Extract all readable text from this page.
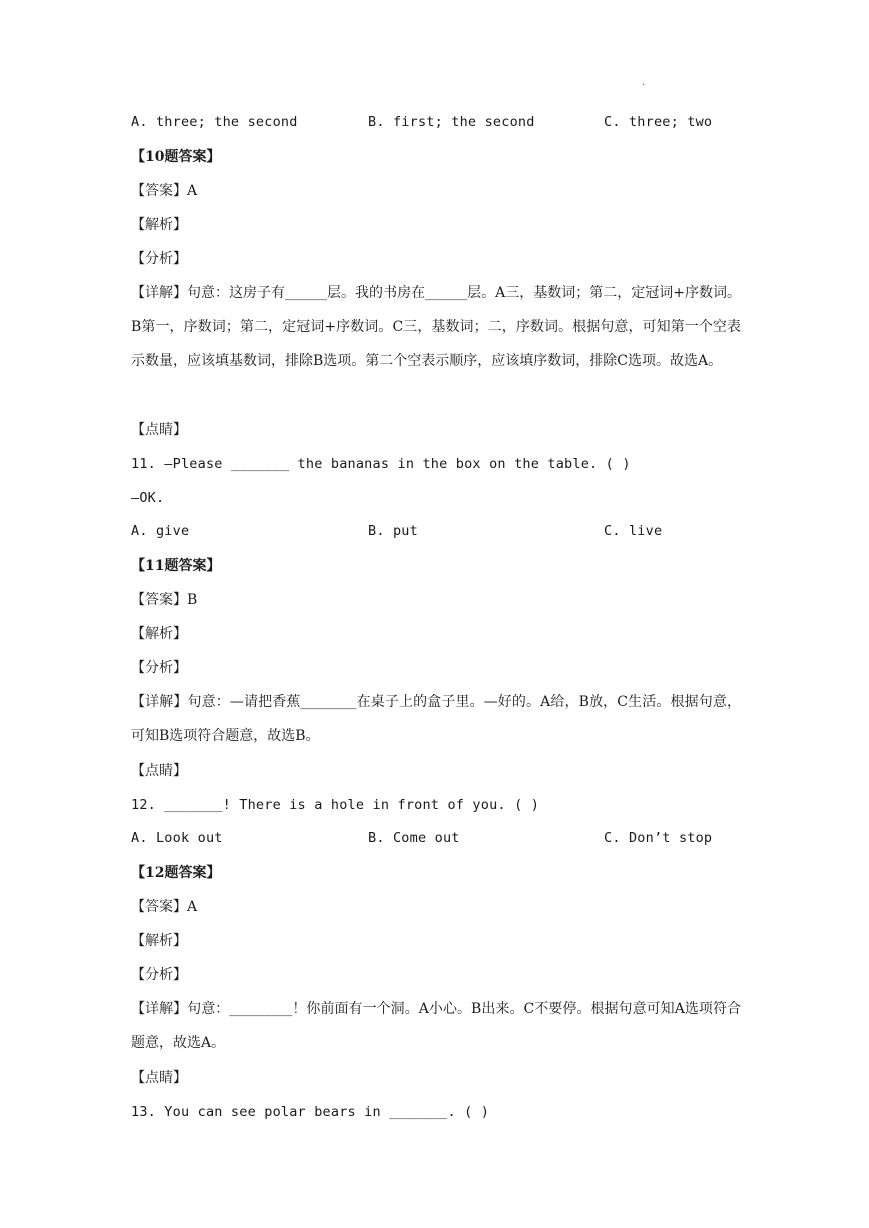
·
A. three; the second	B. first; the second	C. three; two
【10题答案】
【答案】A
【解析】
【分析】
【详解】句意：这房子有______层。我的书房在______层。A三，基数词；第二，定冠词+序数词。B第一，序数词；第二，定冠词+序数词。C三，基数词；二，序数词。根据句意，可知第一个空表示数量，应该填基数词，排除B选项。第二个空表示顺序，应该填序数词，排除C选项。故选A。
【点睛】
11. —Please _______ the bananas in the box on the table. ( )
—OK.
A. give	B. put	C. live
【11题答案】
【答案】B
【解析】
【分析】
【详解】句意：—请把香蕉________在桌子上的盒子里。—好的。A给，B放，C生活。根据句意，可知B选项符合题意，故选B。
【点睛】
12. _______! There is a hole in front of you. ( )
A. Look out	B. Come out	C. Don’t stop
【12题答案】
【答案】A
【解析】
【分析】
【详解】句意：_________！你前面有一个洞。A小心。B出来。C不要停。根据句意可知A选项符合题意，故选A。
【点睛】
13. You can see polar bears in _______. ( )
